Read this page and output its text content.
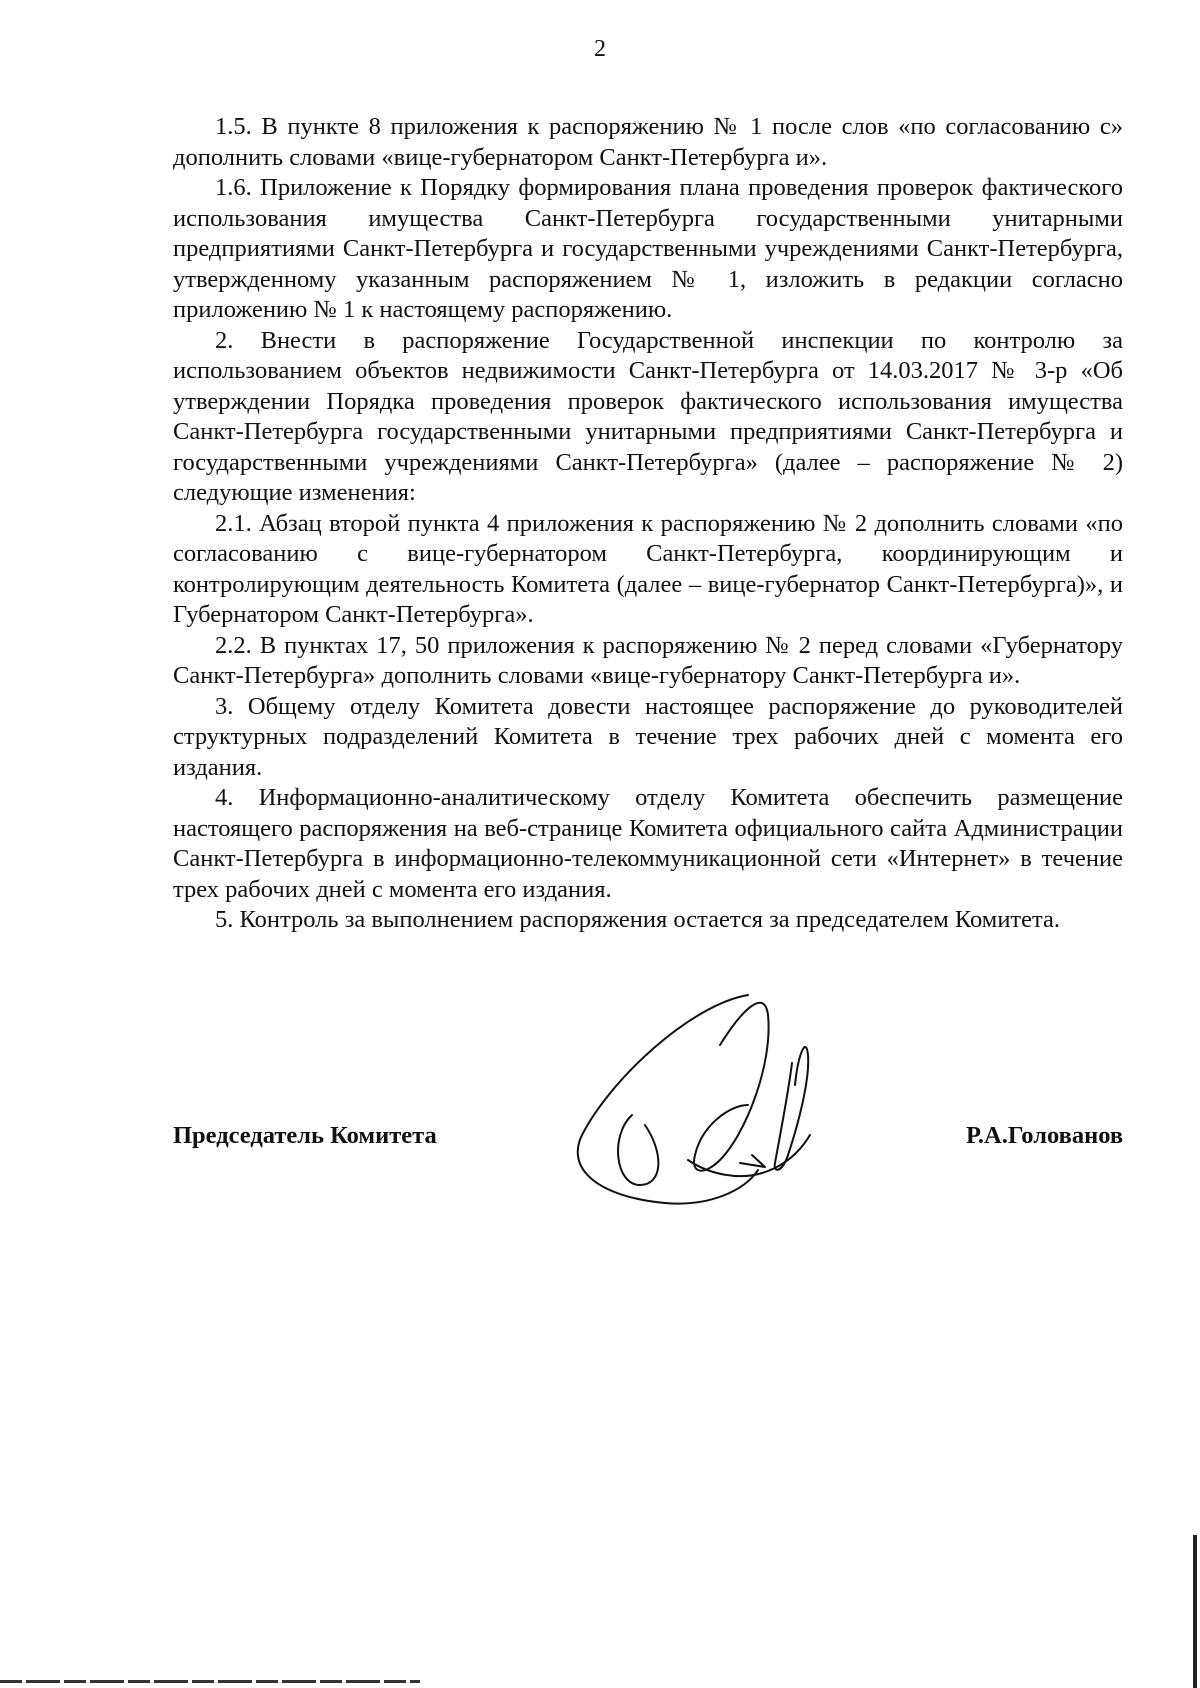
2

1.5. В пункте 8 приложения к распоряжению № 1 после слов «по согласованию с» дополнить словами «вице-губернатором Санкт-Петербурга и».

1.6. Приложение к Порядку формирования плана проведения проверок фактического использования имущества Санкт-Петербурга государственными унитарными предприятиями Санкт-Петербурга и государственными учреждениями Санкт-Петербурга, утвержденному указанным распоряжением № 1, изложить в редакции согласно приложению № 1 к настоящему распоряжению.

2. Внести в распоряжение Государственной инспекции по контролю за использованием объектов недвижимости Санкт-Петербурга от 14.03.2017 № 3-р «Об утверждении Порядка проведения проверок фактического использования имущества Санкт-Петербурга государственными унитарными предприятиями Санкт-Петербурга и государственными учреждениями Санкт-Петербурга» (далее – распоряжение № 2) следующие изменения:

2.1. Абзац второй пункта 4 приложения к распоряжению № 2 дополнить словами «по согласованию с вице-губернатором Санкт-Петербурга, координирующим и контролирующим деятельность Комитета (далее – вице-губернатор Санкт-Петербурга)», и Губернатором Санкт-Петербурга».

2.2. В пунктах 17, 50 приложения к распоряжению № 2 перед словами «Губернатору Санкт-Петербурга» дополнить словами «вице-губернатору Санкт-Петербурга и».

3. Общему отделу Комитета довести настоящее распоряжение до руководителей структурных подразделений Комитета в течение трех рабочих дней с момента его издания.

4. Информационно-аналитическому отделу Комитета обеспечить размещение настоящего распоряжения на веб-странице Комитета официального сайта Администрации Санкт-Петербурга в информационно-телекоммуникационной сети «Интернет» в течение трех рабочих дней с момента его издания.

5. Контроль за выполнением распоряжения остается за председателем Комитета.

Председатель Комитета	Р.А.Голованов
